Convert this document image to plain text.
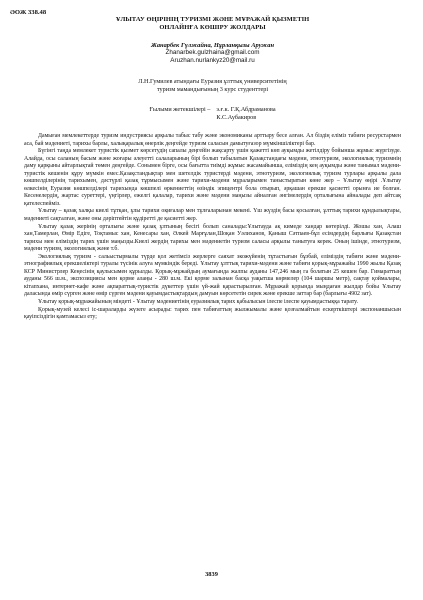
ӘОЖ 338.48
ҰЛЫТАУ ӨҢІРІНІҢ ТУРИЗМІ ЖӘНЕ МҰРАЖАЙ ҚЫЗМЕТІН
ОНЛАЙНҒА КӨШІРУ ЖОЛДАРЫ
Жанарбек Гүлжайна, Нұрланқызы Аружан
Zhanarbek.gulzhaina@gmail.com
Aruzhan.nurlankyz20@mail.ru
Л.Н.Гумилев атындағы Еуразия ұлттық университетінің
туризм мамандығының 3 курс студенттері
Ғылыми жетекшілері – э.ғ.к. Г.Қ.Абдраманова
К.С.Аубакиров

Дамыған мемлекеттерде туризм индустриясы арқылы табыс табу және экономиканы арттыру бесе алған. Ал біздің еліміз табиғи ресурстармен аса, бай мәдениеті, тарихы барлы, халықаралық өнерлік деңгейде туризм саласын дамытуғазор мүмкіншіліктері бар.

Бүгінгі таңда мемлекет туристік қызмет көрсетудің сапалы деңгейін жақсарту үшін қажетті көп ауқымды жетілдіру бойынша жұмыс жүргізуде. Алайда, осы саланың басым және жоғары әлеуетті салаларының бірі болып табылатын Қазақстандағы мәдени, этнотуризм, экологиялық туризмнің даму қарқыны айтарлықтай төмен деңгейде. Сонымен бірге, осы бағытта тиімді жұмыс жасамайынша, еліміздің кең ауқымды және танымал мәдени-туристік кешенін құру мүмкін емес.Қазақстандықтар мен шетелдік туристерді мәдени, этнотуризм, экологиялық туризм турлары арқылы дала көшпелділерінің тарихымен, дәстүрлі қазақ тұрмысымен және тарихи-мәдени мұраларымен таныстыратын көне жер – Ұлытау өңірі .Ұлытау өлкесінің Еуразия көшпелділері тарихында көшпелі өркениеттің өзіндік эпицентрі бола отырып, әрқашан ерекше қасиетті орынға ие болған. Кесенелердің, жартас суреттері, үңгірлер, ежелгі қалалар, тарихи және мәдени маңызы айналған әнгімелердің орталығына айналады деп айтсақ қателеспейміз.

Ұлытау – қазақ халқы киелі тұтқан, ұлы тарихи оқиғалар мен тұлғаларынан мекені. Үш жүздің басы қосылған, ұлттық тарихи құндылықтары, мәдениеті сақталған, және оны дәріптейтін құдіретті де қасиетті жер.

Ұлытау қазақ жерінің орталығы және қазақ ұлтының бесігі болып саналады:Ұлытауда ақ кимеде хандар көтерілді. Жошы хан, Алаш хан,Тамерлан, Өмір Едіге, Тоқтамыс хан, Кенесары хан, Әлкей Марғұлан,Шоқан Уәлиханов, Қаныш Сәтпаев-бұл есімдердің барлығы Қазақстан тарихы мен еліміздің тарих үшін маңызды.Киелі жердің тарихы мен мәдениетін туризм саласы арқылы танытуға керек. Оның ішінде, этнотуризм, мәдени туризм, экологиялық және т.б.

Экологиялық туризм - сальыстырмалы түрде қол жетімсіз жерлерге саяхат экожүйенің тұтастығын бұзбай, еліміздің табиғи және мәдени-этнографиялық ерекшеліктері туралы түсінік алуға мүмкіндік береді. Ұлытау ұлттық тарихи-мәдени және табиғи қорық-мұражайы 1990 жылы Қазақ КСР Министрлер Кеңесінің қаулысымен құрылды. Қорық-мұжайдың аумағында жалпы ауданы 147,246 мың га болатын 25 кешен бар. Гимараттың ауданы 566 ш.м., экспозициясы мен қорме алаңы - 280 ш.м. Екі қорме залынан басқа уақытша көрмелер (104 шаршы метр), сақтау қоймалары, кітапхана, интернет-кафе және ақпараттық-туристік дүкеттер үшін үй-жай қарастырылған. Мұражай қорында мыңдаған жылдар бойы Ұлытау даласында өмір сүрген және өмір сүрген мәдени қауымдастықтардың дамуын көрсететін сирек және ерекше заттар бар (барлығы 4902 зат).

Ұлытау қорық-мұражайының міндеті - Ұлытау мәдениетінің еуразиялық тарих қабылысын ілеспе ілеспе қауымдастыққа тарату.

Қорық-музей келесі іс-шараларды жүзеге асырады: тарих пен табиғаттың жылжымалы және қозғалмайтын ескерткіштері экспонаншысын қауіпсіздігін қамтамасыз ету;

3839
